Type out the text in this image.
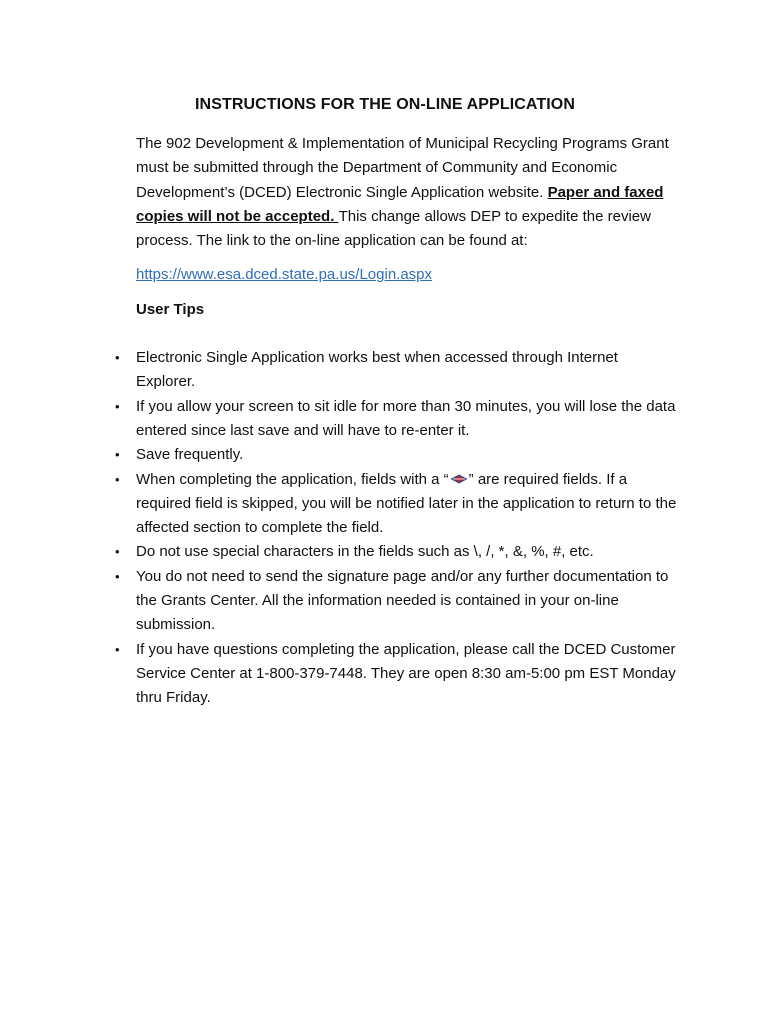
INSTRUCTIONS FOR THE ON-LINE APPLICATION

The 902 Development & Implementation of Municipal Recycling Programs Grant must be submitted through the Department of Community and Economic Development’s (DCED) Electronic Single Application website. Paper and faxed copies will not be accepted. This change allows DEP to expedite the review process. The link to the on-line application can be found at:

https://www.esa.dced.state.pa.us/Login.aspx

User Tips

• Electronic Single Application works best when accessed through Internet Explorer.
• If you allow your screen to sit idle for more than 30 minutes, you will lose the data entered since last save and will have to re-enter it.
• Save frequently.
• When completing the application, fields with a “ ” are required fields. If a required field is skipped, you will be notified later in the application to return to the affected section to complete the field.
• Do not use special characters in the fields such as \, /, *, &, %, #, etc.
• You do not need to send the signature page and/or any further documentation to the Grants Center. All the information needed is contained in your on-line submission.
• If you have questions completing the application, please call the DCED Customer Service Center at 1-800-379-7448. They are open 8:30 am-5:00 pm EST Monday thru Friday.
